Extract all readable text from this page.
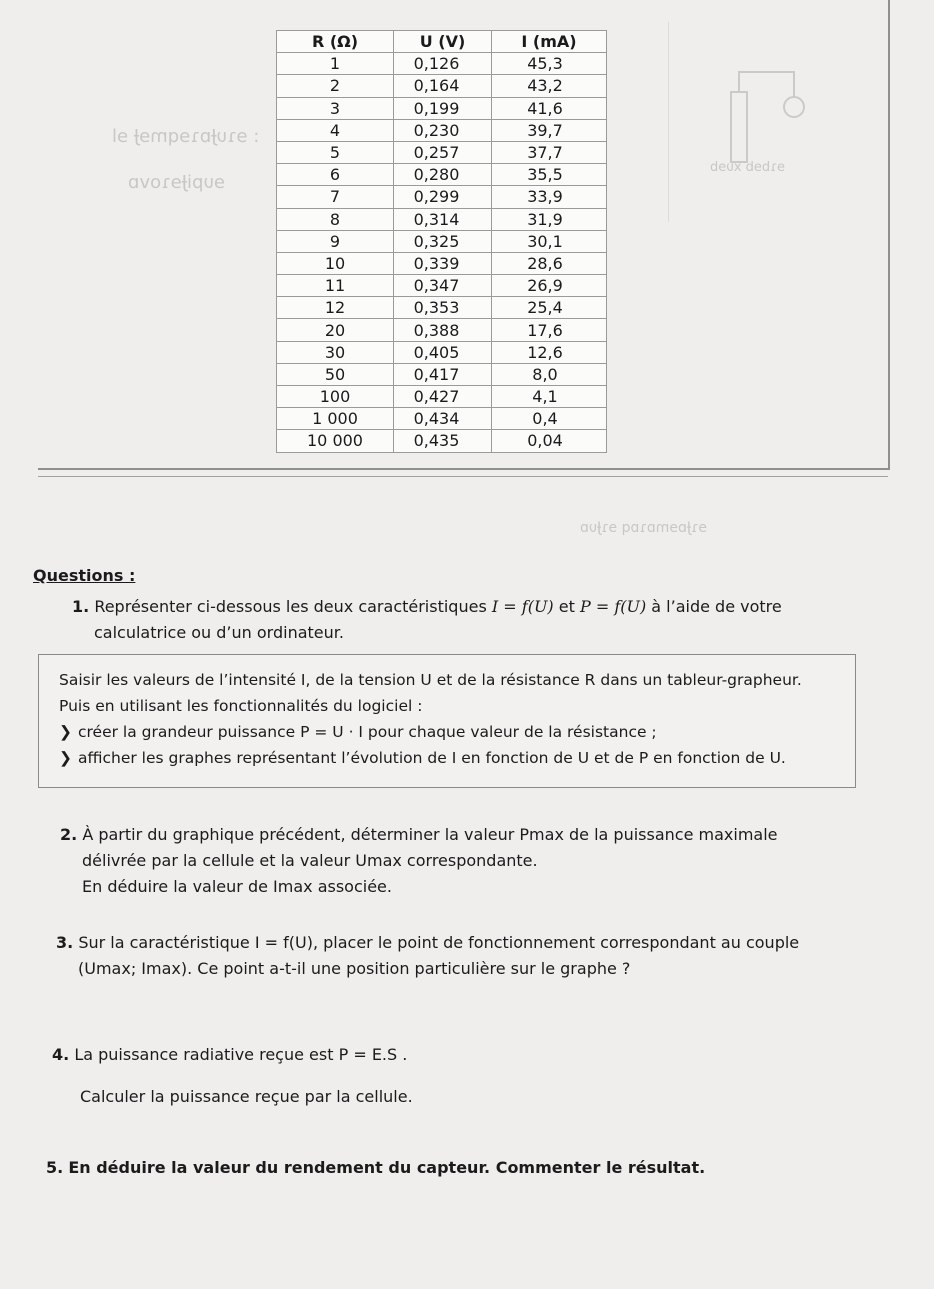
: ɘɿυɈɒɿɘqmɘɈ ɘl
ɘυpiɈɘɿovɒ
ɘɿbɘb xυɘb
ɘɿɈɒɘmɒɿɒq ɘɿɈυɒ
R (Ω)	U (V)	I (mA)
1	0,126	45,3
2	0,164	43,2
3	0,199	41,6
4	0,230	39,7
5	0,257	37,7
6	0,280	35,5
7	0,299	33,9
8	0,314	31,9
9	0,325	30,1
10	0,339	28,6
11	0,347	26,9
12	0,353	25,4
20	0,388	17,6
30	0,405	12,6
50	0,417	8,0
100	0,427	4,1
1 000	0,434	0,4
10 000	0,435	0,04
Questions :
1. Représenter ci-dessous les deux caractéristiques I = f(U) et P = f(U) à l’aide de votre
calculatrice ou d’un ordinateur.
Saisir les valeurs de l’intensité I, de la tension U et de la résistance R dans un tableur-grapheur.
Puis en utilisant les fonctionnalités du logiciel :
❯ créer la grandeur puissance P = U · I pour chaque valeur de la résistance ;
❯ afficher les graphes représentant l’évolution de I en fonction de U et de P en fonction de U.
2. À partir du graphique précédent, déterminer la valeur Pmax de la puissance maximale
délivrée par la cellule et la valeur Umax correspondante.
En déduire la valeur de Imax associée.
3. Sur la caractéristique I = f(U), placer le point de fonctionnement correspondant au couple
(Umax; Imax). Ce point a-t-il une position particulière sur le graphe ?
4. La puissance radiative reçue est P = E.S .
Calculer la puissance reçue par la cellule.
5. En déduire la valeur du rendement du capteur. Commenter le résultat.
